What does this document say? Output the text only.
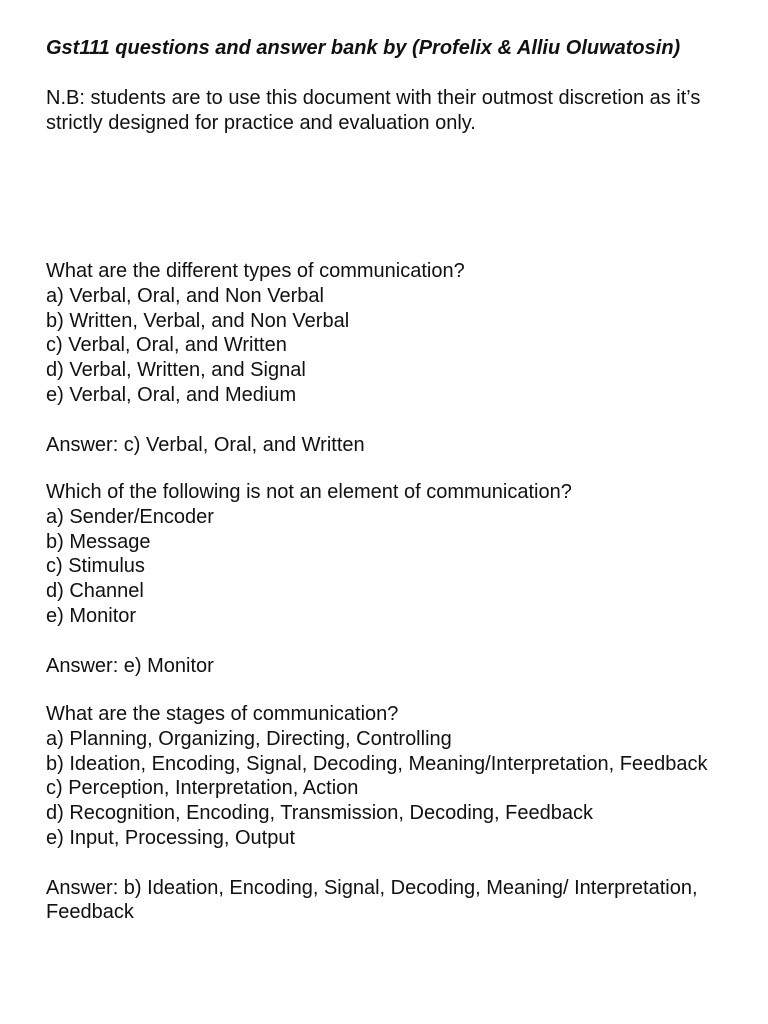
Gst111 questions and answer bank by (Profelix & Alliu Oluwatosin)

N.B: students are to use this document with their outmost discretion as it’s strictly designed for practice and evaluation only.

What are the different types of communication?

a) Verbal, Oral, and Non Verbal

b) Written, Verbal, and Non Verbal

c) Verbal, Oral, and Written

d) Verbal, Written, and Signal

e) Verbal, Oral, and Medium

Answer: c) Verbal, Oral, and Written

Which of the following is not an element of communication?

a) Sender/Encoder

b) Message

c) Stimulus

d) Channel

e) Monitor

Answer: e) Monitor

What are the stages of communication?

a) Planning, Organizing, Directing, Controlling

b) Ideation, Encoding, Signal, Decoding, Meaning/Interpretation, Feedback

c) Perception, Interpretation, Action

d) Recognition, Encoding, Transmission, Decoding, Feedback

e) Input, Processing, Output

Answer: b) Ideation, Encoding, Signal, Decoding, Meaning/ Interpretation, Feedback
